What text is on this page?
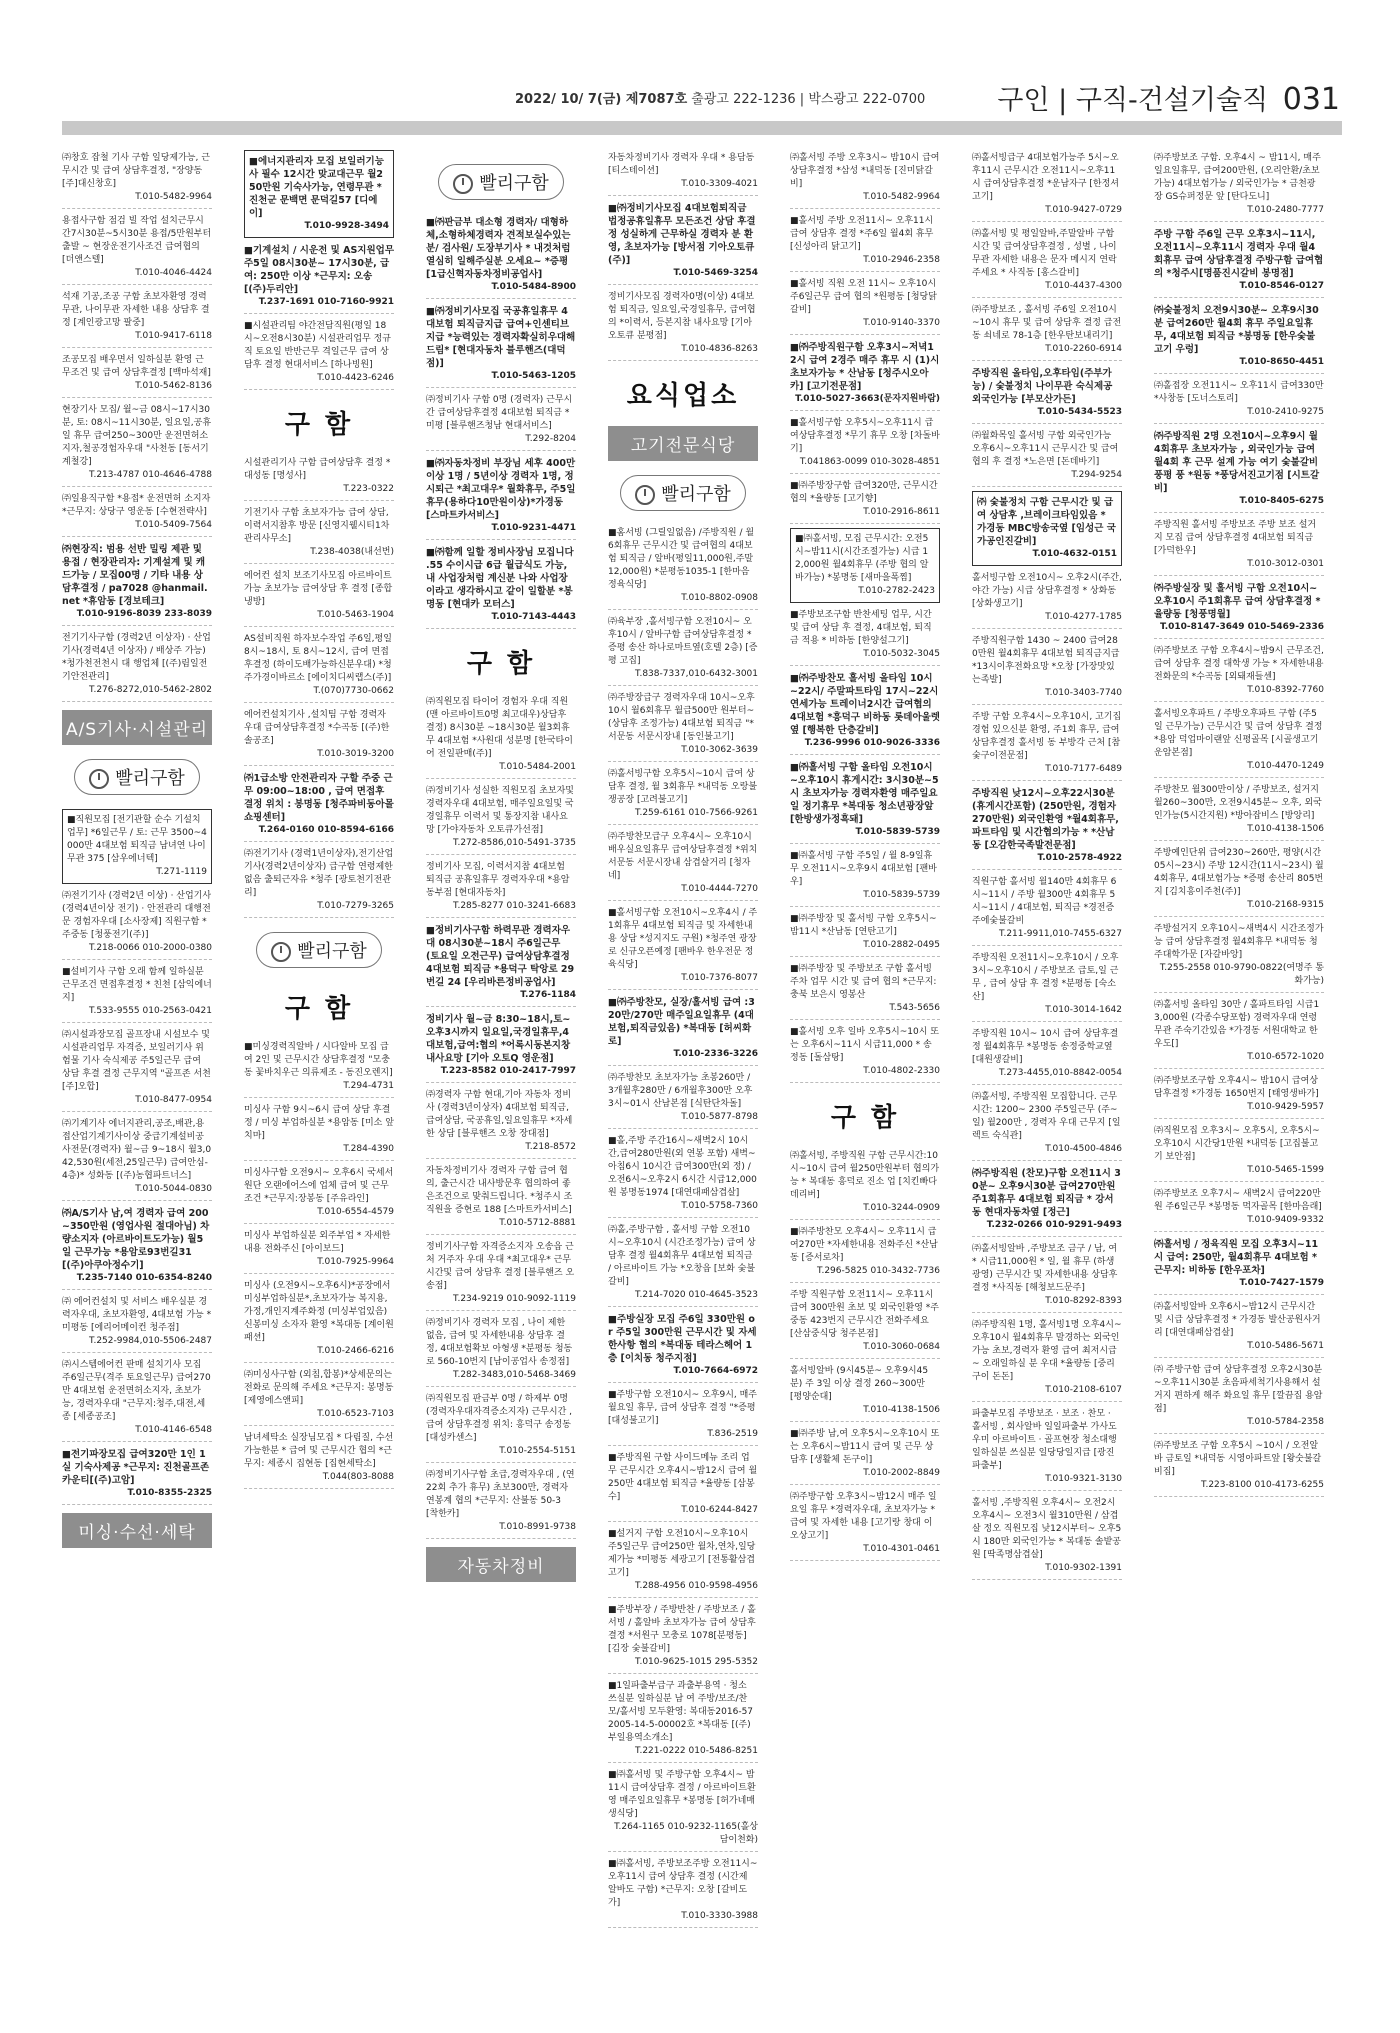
2022/ 10/ 7(금) 제7087호 출광고 222-1236 | 박스광고 222-0700	구인 | 구직-건설기술직 031
㈜창호 잡철 기사 구함 일당제가능, 근무시간 및 급여 상담후결정, "장양동 [주]대신창호]
T.010-5482-9964
용접사구함 점검 빌 작업 설치근무시간7시30분~5시30분 용접/5만원부터 출발 ~ 현장운전기사조건 급여협의 [더앤스텔]
T.010-4046-4424
석재 기공,조공 구함 초보자환영 경력무관, 나이무관 자세한 내용 상담후 결정 [계인광고망 팔중]
T.010-9417-6118
조공모집 배우면서 일하실분 환영 근무조건 및 급여 상담후결정 [백마석재]
T.010-5462-8136
현장기사 모집/ 월~금 08시~17시30분, 토: 08시~11시30분, 일요일,공휴일 휴무 급여250~300만 운전면허소지자,철공경험자우대 "사천동 [동서기계철강]
T.213-4787 010-4646-4788
㈜일용직구함 *용접* 운전면허 소지자 *근무지: 상당구 영운동 [수현전략사]
T.010-5409-7564
㈜현장직: 범용 선반 밀링 제관 및 용접 / 현장관리자: 기계설계 및 캐드가능 / 모집00명 / 기타 내용 상담후결정 / pa7028 @hanmail.net *휴암동 [경보테크]
T.010-9196-8039 233-8039
전기기사구함 (경력2년 이상자) · 산업기사(경력4년 이상자) / 배상주 가능) *청가천전천시 대 행업체 [(주)림일전기안전관리]
T.276-8272,010-5462-2802
A/S기사·시설관리
빨리구함
■직원모집 [전기관할 순수 기설치업무] *6일근무 / 토: 근무 3500~4000만 4대보험 퇴직금 남녀연 나이 무관 375 [삼우에너텍]
T.271-1119
㈜전기기사 (경력2년 이상) · 산업기사(경력4년이상 전기) · 안전관리 대행전문 경험자우대 [소사장제] 직원구함 *주중동 [청풍전기(주)]
T.218-0066 010-2000-0380
■설비기사 구함 오래 함께 일하실분 근무조건 면접후결정 * 친천 [삼익에너지]
T.533-9555 010-2563-0421
㈜시설과장모집 골프장내 시설보수 및 시설관리업무 자격증, 보일러기사 위험물 기사 숙식제공 주5일근무 급여 상담 후결 결정 근무지역 "골프존 서천[주]오합]
T.010-8477-0954
㈜기계기사 에너지관리,공조,배관,용접산업기계기사이상 중급기계설비공사전문(경력자) 월~금 9~18시 월3,042,530원(세전,25일근무) 급여안심-4층)* 성화동 [(주)농협파트너스]
T.010-5044-0830
㈜A/S기사 남,여 경력자 급여 200~350만원 (영업사원 절대아님) 차량소지자 (아르바이트도가능) 월5일 근무가능 *용암로93번길31 [(주)아쿠아정수기]
T.235-7140 010-6354-8240
㈜ 에어컨설치 및 서비스 배우실분 경력자우대, 초보자환영, 4대보험 가능 *미평동 [에리어메이컨 청주점]
T.252-9984,010-5506-2487
㈜시스템에어컨 판매 설치기사 모집 주6일근무(격주 토요일근무) 급여270만 4대보험 운전면허소지자, 초보가능, 경력자우대 "근무지:청주,대전,세종 [세종공조]
T.010-4146-6548
■전기파장모집 급여320만 1인 1실 기숙사제공 *근무지: 진천골프존카운티[(주)고암]
T.010-8355-2325
미싱·수선·세탁
■에너지관리자 모집 보일러기능사 필수 12시간 맞교대근무 월250만원 기숙사가능, 연령무관 *진천군 문백면 문덕길57 [디에이]
T.010-9928-3494
■기계설치 / 시운전 및 AS지원업무 주5일 08시30분~ 17시30분, 급여: 250만 이상 *근무지: 오송 [(주)두리안]
T.237-1691 010-7160-9921
■시설관리팀 야간전담직원(평일 18시~오전8시30분) 시설관리업무 정규직 토요일 반반근무 격일근무 급여 상담후 결정 현대서비스 [하나빙원]
T.010-4423-6246
구 함
시설관리기사 구함 급여상담후 결정 * 대성동 [명성사]
T.223-0322
기전기사 구함 초보자가능 급여 상담, 이력서지참후 방문 [신영지웰시티1차 관리사무소]
T.238-4038(내선번)
에어컨 설치 보조기사모집 아르바이트가능 초보가능 급여상담 후 결정 [종합냉방]
T.010-5463-1904
AS설비직원 하자보수작업 주6일,평일 8시~18시, 토 8시~12시, 급여 면접후결정 (하이도배가능하신분우대) *청주가경이바르소 [에이치디씨랩스(주)]
T.(070)7730-0662
에어컨설치기사 ,설치팀 구함 경력자우대 급여상담후결정 *수곡동 [(주)한솔공조]
T.010-3019-3200
㈜1급소방 안전관리자 구할 주중 근무 09:00~18:00 , 급여 면접후 결정 위치 : 봉명동 [청주파비동아몰쇼핑센터]
T.264-0160 010-8594-6166
㈜전기기사 (경력1년이상자),전기산업기사(경력2년이상자) 급구함 연령제한없음 출퇴근자유 *청주 [광토천기전관리]
T.010-7279-3265
빨리구함
구 함
■미싱경력직알바 / 시다알바 모집 급여 2인 및 근무시간 상담후결정 "모충동 꽃바치우근 의류제조 - 동진오렌지]
T.294-4731
미싱사 구함 9시~6시 급여 상담 후결정 / 미싱 부업하실분 *용암동 [미소 앞치마]
T.284-4390
미싱사구함 오전9시~ 오후6시 국세서원단 오랜에어스에 업체 급여 및 근무조건 *근무지:장봉동 [주유라인]
T.010-6554-4579
미싱사 부업하실분 외주부업 * 자세한내용 전화주신 [아이보드]
T.010-7925-9964
미싱사 (오전9시~오후6시)*공장에서 미싱부업하실분*,초보자가능 복지용,가정,개인지계주화정 (미싱부업있음) 신봉미싱 소자자 환영 *복대동 [계이원패션]
T.010-2466-6216
㈜미싱사구함 (외침,합봉)*상세문의는 전화로 문의해 주세요 *근무지: 봉명동 [제영에스앤피]
T.010-6523-7103
남녀세탁소 실장님모집 * 다림질, 수선가능한분 * 급여 및 근무시간 협의 *근무지: 세종시 집현동 [집현세탁소]
T.044(803-8088
빨리구함
■㈜판금부 대소형 경력자/ 대형하체,소형하체경력자 견적보실수있는분/ 검사원/ 도장부기사 * 내것처럼 열심히 일해주실분 오세요~ *증평 [1급신혁자동차정비공업사]
T.010-5484-8900
■㈜정비기사모집 국공휴일휴무 4대보험 퇴직금지급 급여+인센티브지급 *능력있는 경력자확실히우대해드림* [현대자동차 블루핸즈(대덕점)]
T.010-5463-1205
㈜정비기사 구함 0명 (경력자) 근무시간 급여상담후결정 4대보험 퇴직금 * 미평 [블루핸즈청남 현대서비스]
T.292-8204
■㈜자동차정비 부장님 세후 400만이상 1명 / 5년이상 경력자 1명, 정시퇴근 *최고대우* 월화휴무, 주5일휴무(용하다10만원이상)*가경동 [스마트카서비스]
T.010-9231-4471
■㈜함께 일할 정비사장님 모집니다 .55 수이시급 6급 월급식도 가능,내 사업장처럼 계신분 나와 사업장이라고 생각하시고 같이 일할분 *봉명동 [현대카 모터스]
T.010-7143-4443
구 함
㈜직원모집 타이어 경험자 우대 직원(맨 아르바이트0명 최고대우)상담후 결정) 8시30분 ~18시30분 월3회휴무 4대보험 *사원대 성분명 [한국타이어 전일판매(주)]
T.010-5484-2001
㈜정비기사 성실한 직원모집 초보자및 경력자우대 4대보험, 매주일요일및 국경일휴무 이력서 및 통장지참 내사요망 [가야자동차 오토큐가선점]
T.272-8586,010-5491-3735
정비기사 모집, 이력서지참 4대보험 퇴직금 공휴일휴무 경력자우대 *용암 동부점 [현대자동차]
T.285-8277 010-3241-6683
■정비기사구함 하력무관 경력자우대 08시30분~18시 주6일근무 (토요일 오전근무) 급여상담후결정 4대보험 퇴직금 *용덕구 탁앙로 29번길 24 [우리바른정비공업사]
T.276-1184
정비기사 월~금 8:30~18시,토~오후3시까지 일요일,국경일휴무,4대보험,급여:협의 *어록시동본지창 내사요망 [기아 오토Q 영운점]
T.223-8582 010-2417-7997
㈜경력자 구함 현대,기아 자동차 정비사 (경력3년이상자) 4대보험 퇴직금, 급여상담, 국공휴일,일요일휴무 *자세한 상담 [블루핸즈 오창 장대점]
T.218-8572
자동차정비기사 경력자 구함 급여 협의, 출근시간 내사방문후 협의하여 좋은조건으로 맞춰드립니다. *청주시 조직원을 증현로 188 [스마트카서비스]
T.010-5712-8881
정비기사구함 자격증소지자 오송읍 근처 거주자 우대 우대 *최고대우* 근무시간및 급여 상담후 결정 [블루핸즈 오송점]
T.234-9219 010-9092-1119
㈜정비기사 경력자 모집 , 나이 제한 없음, 급여 및 자세한내용 상담후 결정, 4대보험확보 아형생 *분평동 청동로 560-10번지 [남이공업사 송정점]
T.282-3483,010-5468-3469
㈜직원모집 판금부 0명 / 하제부 0명(경력자우대자격증소지자) 근무시간 , 급여 상담후결정 위치: 흥덕구 송정동 [대성카센스]
T.010-2554-5151
㈜정비기사구함 초급,경력자우대 , (연22회 추가 휴무) 초보300만, 경력자연봉계 협의 *근무지: 산불동 50-3 [착한카]
T.010-8991-9738
자동차정비
자동차정비기사 경력자 우대 * 용담동 [티스테이션]
T.010-3309-4021
■㈜정비기사모집 4대보험퇴직금 법정공휴일휴무 모든조건 상담 후결정 성실하게 근무하실 경력자 분 환영, 초보자가능 [방서점 기아오토큐(주)]
T.010-5469-3254
정비기사모집 경력자0명(이상) 4대보험 퇴직금, 일요일,국경일휴무, 급여협의 *이력서, 등본지참 내사요망 [기아오토큐 분평점]
T.010-4836-8263
요식업소
고기전문식당
빨리구함
■홈서빙 (그릴일없음) /주방직원 / 월6회휴무 근무시간 및 급여협의 4대보험 퇴직금 / 알바(평일11,000원,주말12,000원) *분평동1035-1 [한마음정육식당]
T.010-8802-0908
㈜육부장 ,홀서빙구함 오전10시~ 오후10시 / 알바구함 급여상담후결정 *증평 송산 하나로마트옆(호텔 2층) [증평 고집]
T.838-7337,010-6432-3001
㈜주방장급구 경력자우대 10시~오후10시 월6회휴무 월급500만 원부터~ (상담후 조정가능) 4대보험 퇴직금 "*서문동 서문시장내 [동인불고기]
T.010-3062-3639
㈜홀서빙구함 오후5시~10시 급여 상담후 결정, 월 3회휴무 *내덕동 오랑불쟁공장 [고려불고기]
T.259-6161 010-7566-9261
㈜주방찬모급구 오후4시~ 오후10시 배우실요일휴무 급여상담후결정 *위치 서문동 서문시장내 삼겹살거리 [청자네]
T.010-4444-7270
■홀서빙구함 오전10시~오후4시 / 주1회휴무 4대보험 퇴직금 및 자세한내용 상담 *성지지도 구원) *청주연 광장로 신규오픈예정 [팬바우 한우전문 정육식당]
T.010-7376-8077
■㈜주방찬모, 실장/홀서빙 급여 :320만/270만 매주일요일휴무 (4대보험,퇴직금있음) *복대동 [허씨화로]
T.010-2336-3226
㈜주방찬모 초보자가능 초봉260만 / 3개월후280만 / 6개월후300만 오후3시~01시 산남본점 [식탄단차돌]
T.010-5877-8798
■홀,주방 주간16시~새벽2시 10시간,급여280만원(외 연봉 포함) 새벽~아침6시 10시간 급여300만(외 정) / 오전6시~오후2시 6시간 시급12,000원 봉명동1974 [대연대패삼겹살]
T.010-5758-7360
㈜홀,주방구함 , 홀서빙 구함 오전10시~오후10시 (시간조정가능) 급여 상담후 결정 월4회휴무 4대보험 퇴직금 / 아르바이트 가능 *오창읍 [보화 숯불갈비]
T.214-7020 010-4645-3523
■주방실장 모집 주6일 330만원 or 주5일 300만원 근무시간 및 자세한사항 협의 *복대동 테라스헤어 1층 [이치동 청주지점]
T.010-7664-6972
■주방구함 오전10시~ 오후9시, 매주 월요일 휴무, 급여 상담후 결정 "*증평 [대성불고기]
T.836-2519
■주방직원 구함 사이드메뉴 조리 업무 근무시간 오후4시~밤12시 급여 월250만 4대보험 퇴직금 *율량동 [삼봉수]
T.010-6244-8427
■설거지 구함 오전10시~오후10시 주5일근무 급여250만 월차,연차,일당제가능 *미평동 세광고기 [전통활삼겹고기]
T.288-4956 010-9598-4956
■주방부장 / 주방반찬 / 주방보조 / 홀서빙 / 홀알바 초보자가능 급여 상담후결정 *서원구 모충로 1078[분평동] [김장 숯불갈비]
T.010-9625-1015 295-5352
■1일파출부급구 과출부용역 · 청소 쓰실분 일하실분 남 여 주방/보조/찬모/홀서빙 모두환영: 복대동2016-572005-14-5-00002호 *복대동 [(주)부일용역소개소]
T.221-0222 010-5486-8251
■㈜홀서빙 및 주방구함 오후4시~ 밤11시 급여상담후 결정 / 아르바이트환영 매주일요일휴무 *봉명동 [허가네매생식당]
T.264-1165 010-9232-1165(홀상담이천화)
■㈜홀서빙, 주방보조주방 오전11시~오후11시 급여 상담후 결정 (시간제 알바도 구함) *근무지: 오창 [갈비도가]
T.010-3330-3988
㈜홀서빙 주방 오후3시~ 밤10시 급여 상담후결정 *삼성 *내덕동 [진미닭갈비]
T.010-5482-9964
■홀서빙 주방 오전11시~ 오후11시 급여 상담후 결정 *주6일 월4회 휴무 [신성아리 닭고기]
T.010-2946-2358
■홀서빙 직원 오전 11시~ 오후10시 주6일근무 급여 협의 *원평동 [청당닭갈비]
T.010-9140-3370
■㈜주방직원구함 오후3시~저녁12시 급여 2경주 매주 휴무 시 (1)시 초보자가능 * 산남동 [청주시오아카] [고기전문점]
T.010-5027-3663(문자지원바람)
■홀서빙구함 오후5시~오후11시 급여상담후결정 *무기 휴무 오창 [차돌바기]
T.041863-0099 010-3028-4851
■㈜주방장구함 급여320만, 근무시간 협의 *율량동 [고기향]
T.010-2916-8611
■㈜홀서빙, 모집 근무시간: 오전5시~밤11시(시간조절가능) 시급 12,000원 월4회휴무 (주방 협의 알바가능) *봉명동 [새마을폭찜]
T.010-2782-2423
■주방보조구함 반찬세팅 업무, 시간 및 급여 상담 후 결정, 4대보험, 퇴직금 적용 * 비하동 [한양설그기]
T.010-5032-3045
■㈜주방찬모 홀서빙 올타임 10시~22시/ 주말파트타임 17시~22시 연세가능 트레이너2시간 급여협의 4대보험 *흥덕구 비하동 롯데아울렛옆 [행복한 단층갈비]
T.236-9996 010-9026-3336
■㈜홀서빙 구함 올타임 오전10시~오후10시 휴게시간: 3시30분~5시 초보자가능 경력자환영 매주일요일 정기휴무 *복대동 청소년광장앞 [한방생가정흑돼]
T.010-5839-5739
■㈜홀서빙 구함 주5일 / 월 8-9일휴무 오전11시~오후9시 4대보험 [팬바우]
T.010-5839-5739
■㈜주방장 및 홀서빙 구함 오후5시~밤11시 *산남동 [연탄고기]
T.010-2882-0495
■㈜주방장 및 주방보조 구함 홀서빙 주차 업무 시간 및 급여 협의 *근무지: 충북 보은시 영봉산
T.543-5656
■홀서빙 오후 일바 오후5시~10시 또는 오후6시~11시 시급11,000 * 송정동 [돌삼탕]
T.010-4802-2330
구 함
㈜홀서빙, 주방직원 구함 근무시간:10시~10시 급여 월250만원부터 협의가능 * 복대동 흥덕로 진소 업 [치킨빠다데리버]
T.010-3244-0909
■㈜주방찬모 오후4시~ 오후11시 급여270만 *자세한내용 전화주신 *산남동 [증서로차]
T.296-5825 010-3432-7736
주방 직원구함 오전11시~ 오후11시 급여 300만원 초보 및 외국인환영 *주중동 423번지 근무시간 전화주세요 [산삼중식당 청주본점]
T.010-3060-0684
홀서빙알바 (9시45분~ 오후9시45분) 주 3일 이상 결정 260~300만 [평양순대]
T.010-4138-1506
■㈜주방 남,여 오후5시~오후10시 또는 오후6시~밤11시 급여 및 근무 상담후 [생활체 돈구이]
T.010-2002-8849
㈜주방구함 오후3시~밤12시 매주 일요일 휴무 *경력자우대, 초보자가능 * 급여 및 자세한 내용 [고기랑 창대 이오상고기]
T.010-4301-0461
㈜홀서빙급구 4대보험가능주 5시~오후11시 근무시간 오전11시~오후11시 급여상담후결정 *운남자구 [한정셔고기]
T.010-9427-0729
㈜홀서빙 및 평일알바,주말알바 구함 시간 및 급여상담후결정 , 성별 , 나이무관 자세한 내용은 문자 메시지 연락 주세요 * 사직동 [홍스갈비]
T.010-4437-4300
㈜주방보조 , 홀서빙 주6일 오전10시 ~10시 휴무 및 급여 상담후 결정 급전동 쇠네로 78-1층 [한우탄보내리기]
T.010-2260-6914
주방직원 올타임,오후타임(주부가능) / 숯불정치 나이무관 숙식제공 외국인가능 [부모산가든]
T.010-5434-5523
㈜월화목일 홀서빙 구함 외국인가능 오후6시~오후11시 근무시간 및 급여 협의 후 결정 *노은면 [돈데바기]
T.294-9254
㈜ 숯불정치 구함 근무시간 및 급여 상담후 ,브레이크타임있음 * 가경동 MBC방송국옆 [임성근 국가공인진갈비]
T.010-4632-0151
홀서빙구함 오전10시~ 오후2시(주간,야간 가능) 시급 상담후결정 * 상화동 [상화생고기]
T.010-4277-1785
주방직원구함 1430 ~ 2400 급여280만원 월4회휴무 4대보험 퇴직금지급 *13시이후전화요망 *오창 [가장맛있는족발]
T.010-3403-7740
주방 구함 오후4시~오후10시, 고기집 경험 있으신분 환영, 주1회 휴무, 급여 상담후결정 홀서빙 동 부방각 근처 [참숯구이전문점]
T.010-7177-6489
주방직원 낮12시~오후22시30분 (휴게시간포함) (250만원, 경험자270만원) 외국인환영 *월4회휴무, 파트타임 및 시간협의가능 * *산남동 [오감한국족발전문점]
T.010-2578-4922
직원구함 홀서빙 월140만 4회휴무 6시~11시 / 주방 월300만 4회휴무 5시~11시 / 4대보험, 퇴직금 *경전증주에숯불갈비
T.211-9911,010-7455-6327
주방직원 오전11시~오후10시 / 오후3시~오후10시 / 주방보조 급토,일 근무 , 급여 상담 후 결정 *분평동 [숙소산]
T.010-3014-1642
주방직원 10시~ 10시 급여 상담후결정 월4회휴무 *봉명동 송정중학교옆 [대원생갈비]
T.273-4455,010-8842-0054
㈜홀서빙, 주방직원 모집합니다. 근무시간: 1200~ 2300 주5일근무 (주~일) 월200만 , 경력자 우대 근무지 [일렉트 숙식관]
T.010-4500-4846
㈜주방직원 (찬모)구함 오전11시 30분~ 오후9시30분 급여270만원 주1회휴무 4대보험 퇴직금 * 강서동 현대자동차옆 [정근]
T.232-0266 010-9291-9493
㈜홀서빙알바 ,주방보조 금구 / 남, 여 * 시급11,000원 * 일, 월 휴무 (하생광영) 근무시간 및 자세한내용 상담후 결정 *사직동 [해청보드문주]
T.010-8292-8393
㈜주방직원 1명, 홀서빙1명 오후4시~오후10시 월4회휴무 말경하는 외국인가능 초보,경력자 환영 급여 최저시급~ 오래일하실 분 우대 *율량동 [중리구이 돈돈]
T.010-2108-6107
파출부모집 주방보조 · 보조 · 찬모 · 홀서빙 , 회사알바 일일파출부 가사도우미 아르바이트 · 골프현장 청소대행 일하실분 쓰실분 일당당일지급 [광진파출부]
T.010-9321-3130
홀서빙 ,주방직원 오후4시~ 오전2시 오후4시~ 오전3시 월310만원 / 삼겹살 정오 직원모집 낮12시부터~ 오후5시 180만 외국인가능 * 복대동 솔밭공원 [딱족명삼겹살]
T.010-9302-1391
㈜주방보조 구함. 오후4시 ~ 밤11시, 매주 일요일휴무, 급여200만원, (오리안환/초보가능) 4대보험가능 / 외국인가능 * 금천광장 GS슈퍼정문 앞 [탄다도니]
T.010-2480-7777
주방 구함 주6일 근무 오후3시~11시, 오전11시~오후11시 경력자 우대 월4회휴무 급여 상담후결정 주방구함 급여협의 *청주시[명품진시갈비 봉명점]
T.010-8546-0127
㈜숯불정치 오전9시30분~ 오후9시30분 급여260만 월4회 휴무 주일요일휴무, 4대보험 퇴직금 *봉명동 [한우숯불고기 우렁]
T.010-8650-4451
㈜홀접장 오전11시~ 오후11시 급여330만 *사창동 [도너스토리]
T.010-2410-9275
㈜주방직원 2명 오전10시~오후9시 월4회휴무 초보자가능 , 외국인가능 급여 월4회 후 근무 설계 가능 여기 숯불갈비 풍평 풍 *원동 *풍당서진고기점 [시트갈비]
T.010-8405-6275
주방직원 홀서빙 주방보조 주방 보조 설거지 모집 급여 상담후결정 4대보험 퇴직금 [가덕한우]
T.010-3012-0301
㈜주방실장 및 홀서빙 구함 오전10시~ 오후10시 주1회휴무 급여 상담후결정 *율량동 [청풍명월]
T.010-8147-3649 010-5469-2336
㈜주방보조 구함 오후4시~밤9시 근무조건, 급여 상담후 결정 대학생 가능 * 자세한내용전화문의 *수곡동 [외돼재들센]
T.010-8392-7760
홀서빙오후파트 / 주방오후파트 구함 (주5일 근무가능) 근무시간 및 급여 상담후 결정 *용암 덕업마이랜앞 신평골목 [시골생고기 운암본점]
T.010-4470-1249
주방찬모 월300만이상 / 주방보조, 설거지 월260~300만, 오전9시45분~ 오후, 외국인가능(5시간지원) *방아잡비스 [방앙리]
T.010-4138-1506
주방예인단위 급여230~260만, 평양(시간05시~23시) 주방 12시간(11시~23시) 월4회휴무, 4대보험가능 *증평 송산리 805번지 [김치흥이주천(주)]
T.010-2168-9315
주방설거지 오후10시~새벽4시 시간조정가능 급여 상담후결정 월4회휴무 *내덕동 청주대학가문 [자갈바앙]
T.255-2558 010-9790-0822(여명주 통화가능)
㈜홀서빙 올타임 30만 / 홀파트타임 시급13,000원 (각종수당포함) 경력자우대 연령무관 주숙기간있음 *가경동 서원대학교 한우도[]
T.010-6572-1020
㈜주방보조구함 오후4시~ 밤10시 급여상담후결정 *가경동 1650번지 [태영생바가]
T.010-9429-5957
㈜직원모집 오후3시~ 오후5시, 오후5시~ 오후10시 시간당1만원 *내덕동 [고집불고기 보안점]
T.010-5465-1599
㈜주방보조 오후7시~ 새벽2시 급여220만원 주6일근무 *봉명동 먹자골목 [한마음래]
T.010-9409-9332
㈜홀서빙 / 정육직원 모집 오후3시~11시 급여: 250만, 월4회휴무 4대보험 *근무지: 비하동 [한우포차]
T.010-7427-1579
㈜홀서빙알바 오후6시~밤12시 근무시간 및 시급 상담후결정 * 가경동 발산공원사거리 [대연대패삼겹살]
T.010-5486-5671
㈜ 주방구함 급여 상담후결정 오후2시30분~오후11시30분 초음파세척기사용해서 설거지 편하게 해주 화요일 휴무 [깔끔집 용암점]
T.010-5784-2358
㈜주방보조 구함 오후5시 ~10시 / 오전알바 금토일 *내덕동 시영아파트앞 [왕숫불갈비집]
T.223-8100 010-4173-6255
